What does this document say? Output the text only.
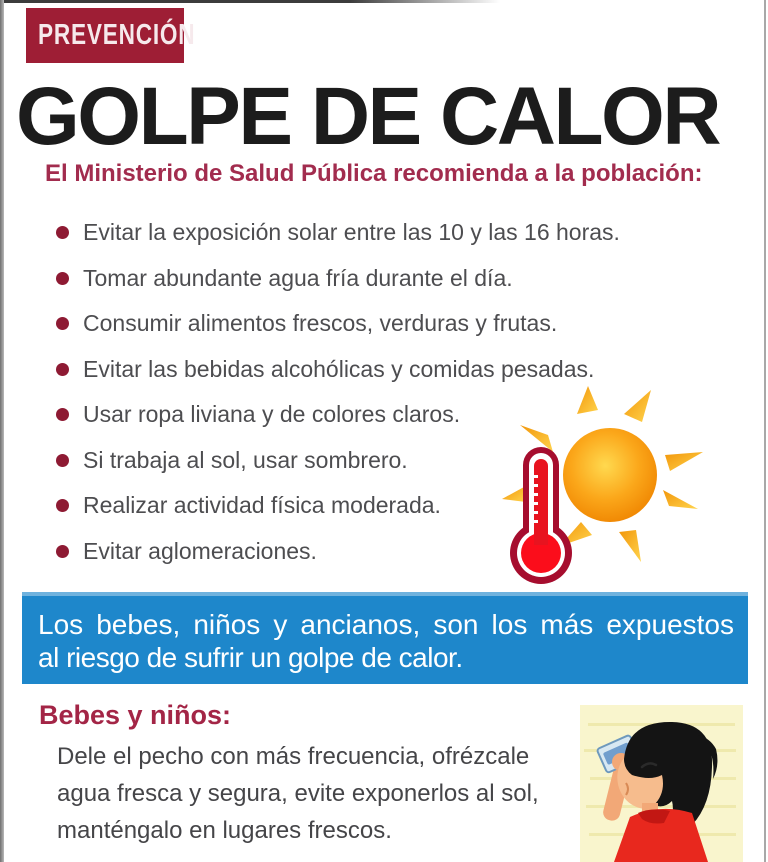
PREVENCIÓN
GOLPE DE CALOR
El Ministerio de Salud Pública recomienda a la población:
Evitar la exposición solar entre las 10 y las 16 horas.
Tomar abundante agua fría durante el día.
Consumir alimentos frescos, verduras y frutas.
Evitar las bebidas alcohólicas y comidas pesadas.
Usar ropa liviana y de colores claros.
Si trabaja al sol, usar sombrero.
Realizar actividad física moderada.
Evitar aglomeraciones.
Los bebes, niños y ancianos, son los más expuestos
al riesgo de sufrir un golpe de calor.
Bebes y niños:
Dele el pecho con más frecuencia, ofrézcale
agua fresca y segura, evite exponerlos al sol,
manténgalo en lugares frescos.
